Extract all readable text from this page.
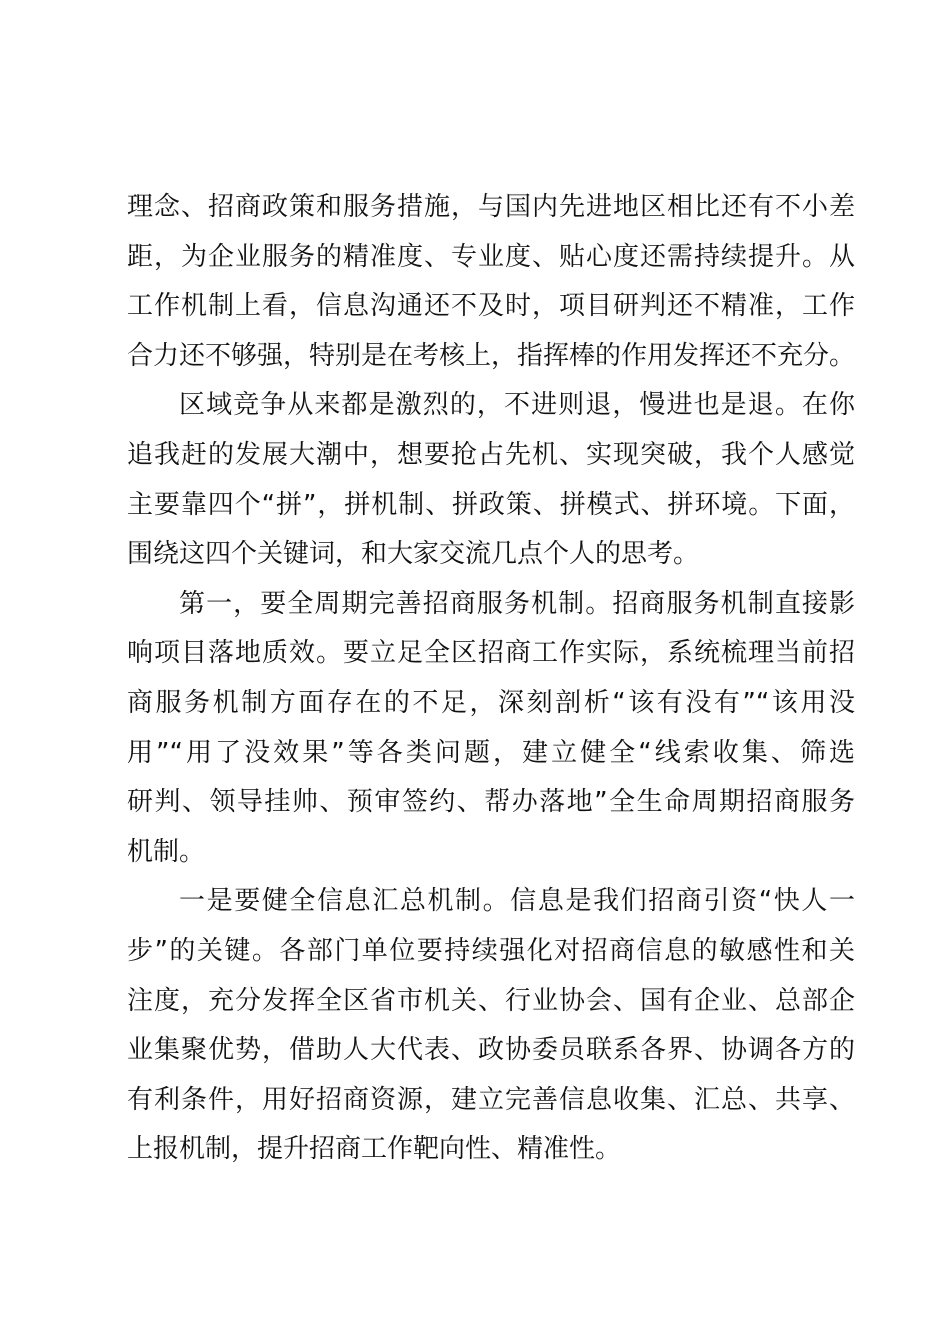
理念、招商政策和服务措施，与国内先进地区相比还有不小差
距，为企业服务的精准度、专业度、贴心度还需持续提升。从
工作机制上看，信息沟通还不及时，项目研判还不精准，工作
合力还不够强，特别是在考核上，指挥棒的作用发挥还不充分。
区域竞争从来都是激烈的，不进则退，慢进也是退。在你
追我赶的发展大潮中，想要抢占先机、实现突破，我个人感觉
主要靠四个“拼”，拼机制、拼政策、拼模式、拼环境。下面，
围绕这四个关键词，和大家交流几点个人的思考。
第一，要全周期完善招商服务机制。招商服务机制直接影
响项目落地质效。要立足全区招商工作实际，系统梳理当前招
商服务机制方面存在的不足，深刻剖析“该有没有”“该用没
用”“用了没效果”等各类问题，建立健全“线索收集、筛选
研判、领导挂帅、预审签约、帮办落地”全生命周期招商服务
机制。
一是要健全信息汇总机制。信息是我们招商引资“快人一
步”的关键。各部门单位要持续强化对招商信息的敏感性和关
注度，充分发挥全区省市机关、行业协会、国有企业、总部企
业集聚优势，借助人大代表、政协委员联系各界、协调各方的
有利条件，用好招商资源，建立完善信息收集、汇总、共享、
上报机制，提升招商工作靶向性、精准性。
